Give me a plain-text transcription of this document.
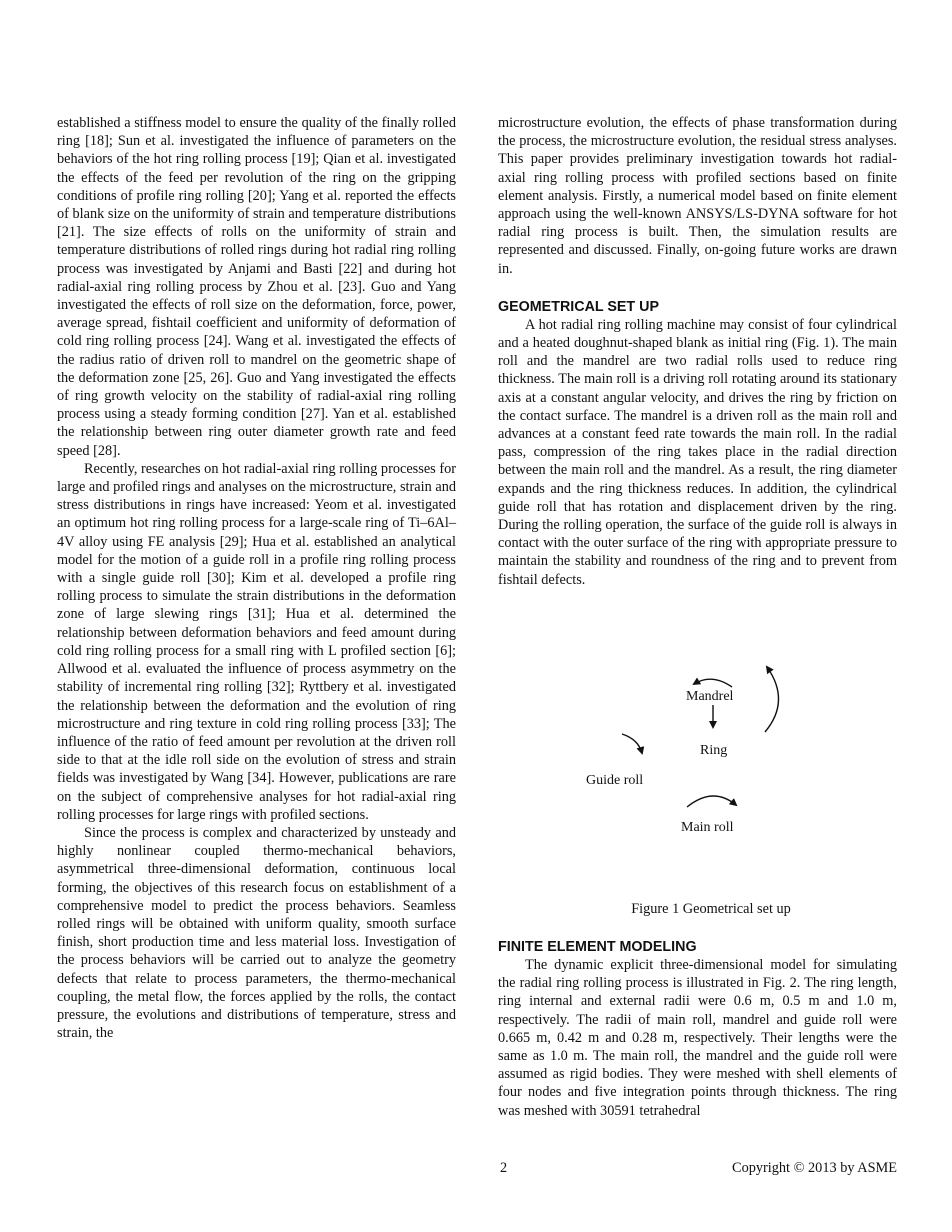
established a stiffness model to ensure the quality of the finally rolled ring [18]; Sun et al. investigated the influence of parameters on the behaviors of the hot ring rolling process [19]; Qian et al. investigated the effects of the feed per revolution of the ring on the gripping conditions of profile ring rolling [20]; Yang et al. reported the effects of blank size on the uniformity of strain and temperature distributions [21]. The size effects of rolls on the uniformity of strain and temperature distributions of rolled rings during hot radial ring rolling process was investigated by Anjami and Basti [22] and during hot radial-axial ring rolling process by Zhou et al. [23]. Guo and Yang investigated the effects of roll size on the deformation, force, power, average spread, fishtail coefficient and uniformity of deformation of cold ring rolling process [24]. Wang et al. investigated the effects of the radius ratio of driven roll to mandrel on the geometric shape of the deformation zone [25, 26]. Guo and Yang investigated the effects of ring growth velocity on the stability of radial-axial ring rolling process using a steady forming condition [27]. Yan et al. established the relationship between ring outer diameter growth rate and feed speed [28].

Recently, researches on hot radial-axial ring rolling processes for large and profiled rings and analyses on the microstructure, strain and stress distributions in rings have increased: Yeom et al. investigated an optimum hot ring rolling process for a large-scale ring of Ti–6Al–4V alloy using FE analysis [29]; Hua et al. established an analytical model for the motion of a guide roll in a profile ring rolling process with a single guide roll [30]; Kim et al. developed a profile ring rolling process to simulate the strain distributions in the deformation zone of large slewing rings [31]; Hua et al. determined the relationship between deformation behaviors and feed amount during cold ring rolling process for a small ring with L profiled section [6]; Allwood et al. evaluated the influence of process asymmetry on the stability of incremental ring rolling [32]; Ryttbery et al. investigated the relationship between the deformation and the evolution of ring microstructure and ring texture in cold ring rolling process [33]; The influence of the ratio of feed amount per revolution at the driven roll side to that at the idle roll side on the evolution of stress and strain fields was investigated by Wang [34]. However, publications are rare on the subject of comprehensive analyses for hot radial-axial ring rolling processes for large rings with profiled sections.

Since the process is complex and characterized by unsteady and highly nonlinear coupled thermo-mechanical behaviors, asymmetrical three-dimensional deformation, continuous local forming, the objectives of this research focus on establishment of a comprehensive model to predict the process behaviors. Seamless rolled rings will be obtained with uniform quality, smooth surface finish, short production time and less material loss. Investigation of the process behaviors will be carried out to analyze the geometry defects that relate to process parameters, the thermo-mechanical coupling, the metal flow, the forces applied by the rolls, the contact pressure, the evolutions and distributions of temperature, stress and strain, the

microstructure evolution, the effects of phase transformation during the process, the microstructure evolution, the residual stress analyses. This paper provides preliminary investigation towards hot radial-axial ring rolling process with profiled sections based on finite element analysis. Firstly, a numerical model based on finite element approach using the well-known ANSYS/LS-DYNA software for hot radial ring process is built. Then, the simulation results are represented and discussed. Finally, on-going future works are drawn in.

GEOMETRICAL SET UP

A hot radial ring rolling machine may consist of four cylindrical and a heated doughnut-shaped blank as initial ring (Fig. 1). The main roll and the mandrel are two radial rolls used to reduce ring thickness. The main roll is a driving roll rotating around its stationary axis at a constant angular velocity, and drives the ring by friction on the contact surface. The mandrel is a driven roll as the main roll and advances at a constant feed rate towards the main roll. In the radial pass, compression of the ring takes place in the radial direction between the main roll and the mandrel. As a result, the ring diameter expands and the ring thickness reduces. In addition, the cylindrical guide roll that has rotation and displacement driven by the ring. During the rolling operation, the surface of the guide roll is always in contact with the outer surface of the ring with appropriate pressure to maintain the stability and roundness of the ring and to prevent from fishtail defects.

Mandrel
Ring
Guide roll
Main roll
Figure 1 Geometrical set up
FINITE ELEMENT MODELING

The dynamic explicit three-dimensional model for simulating the radial ring rolling process is illustrated in Fig. 2. The ring length, ring internal and external radii were 0.6 m, 0.5 m and 1.0 m, respectively. The radii of main roll, mandrel and guide roll were 0.665 m, 0.42 m and 0.28 m, respectively. Their lengths were the same as 1.0 m. The main roll, the mandrel and the guide roll were assumed as rigid bodies. They were meshed with shell elements of four nodes and five integration points through thickness. The ring was meshed with 30591 tetrahedral

2	Copyright © 2013 by ASME
